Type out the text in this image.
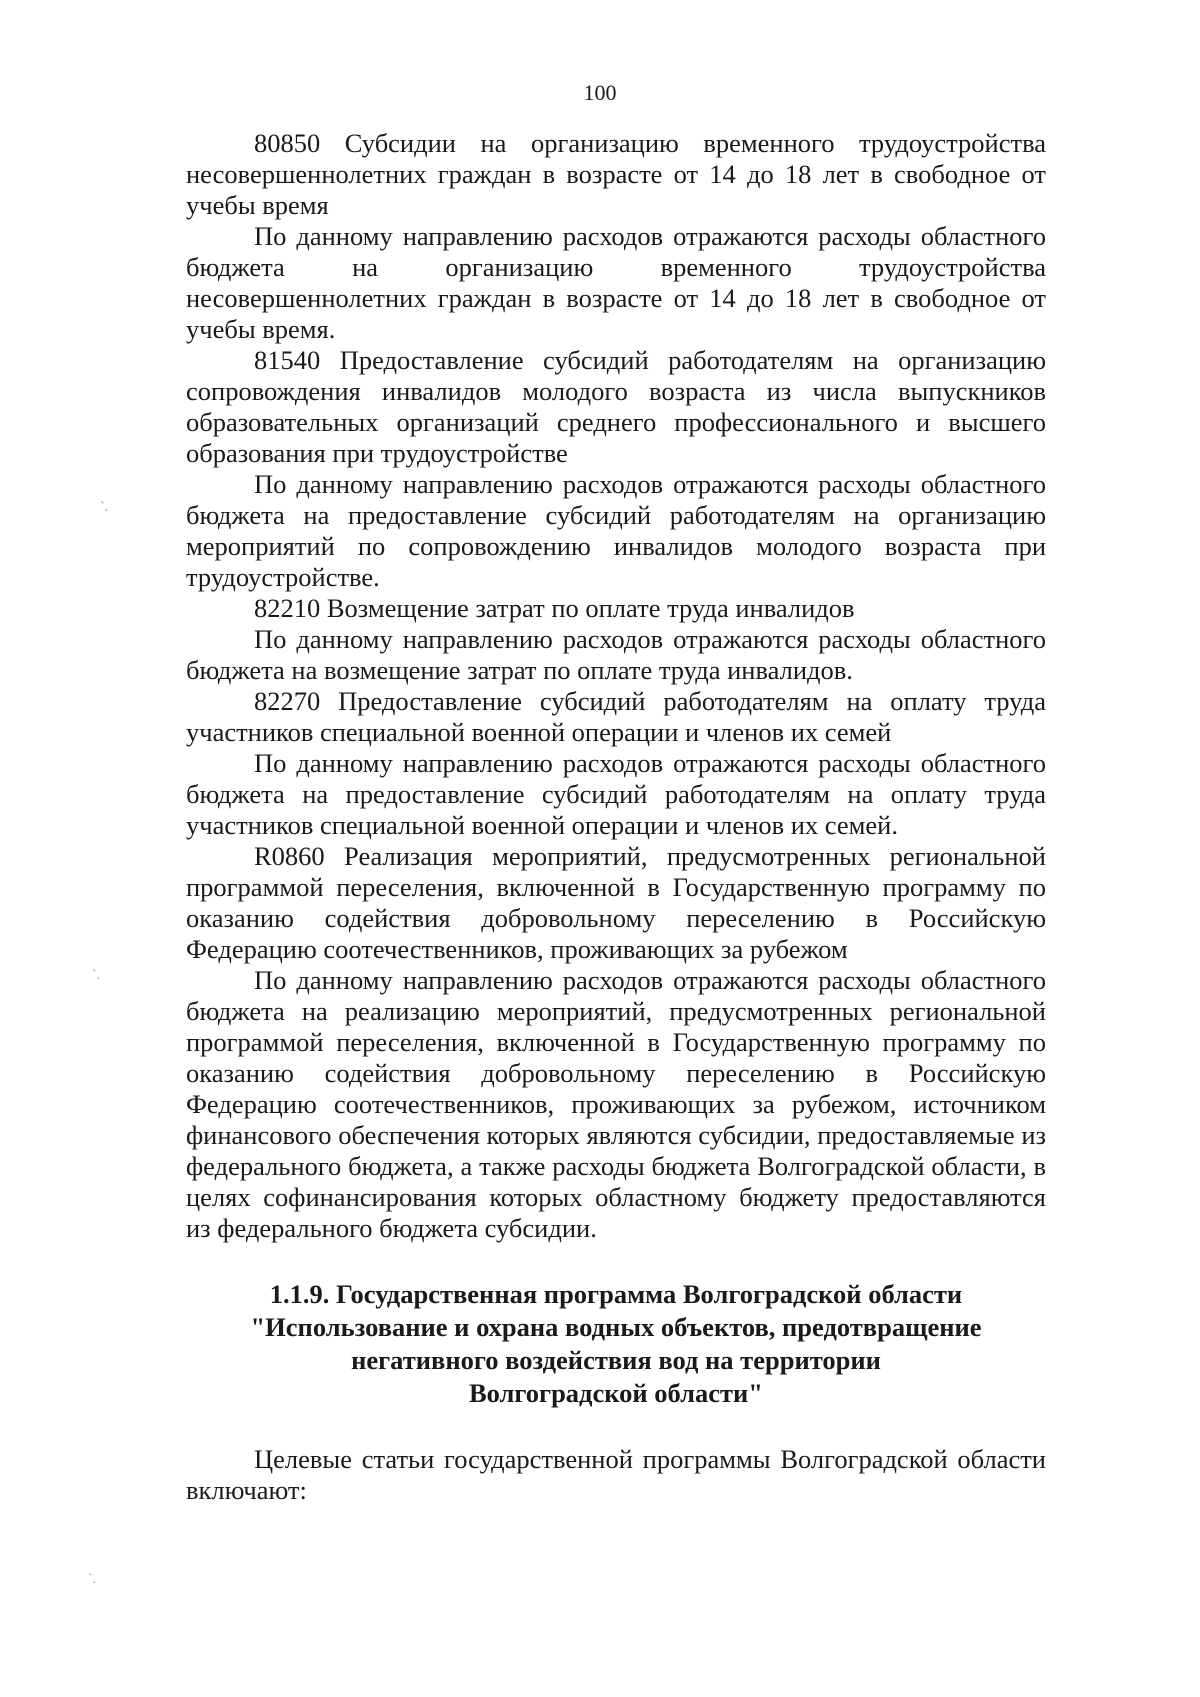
100

80850 Субсидии на организацию временного трудоустройства несовершеннолетних граждан в возрасте от 14 до 18 лет в свободное от учебы время

По данному направлению расходов отражаются расходы областного бюджета на организацию временного трудоустройства несовершеннолетних граждан в возрасте от 14 до 18 лет в свободное от учебы время.

81540 Предоставление субсидий работодателям на организацию сопровождения инвалидов молодого возраста из числа выпускников образовательных организаций среднего профессионального и высшего образования при трудоустройстве

По данному направлению расходов отражаются расходы областного бюджета на предоставление субсидий работодателям на организацию мероприятий по сопровождению инвалидов молодого возраста при трудоустройстве.

82210 Возмещение затрат по оплате труда инвалидов

По данному направлению расходов отражаются расходы областного бюджета на возмещение затрат по оплате труда инвалидов.

82270 Предоставление субсидий работодателям на оплату труда участников специальной военной операции и членов их семей

По данному направлению расходов отражаются расходы областного бюджета на предоставление субсидий работодателям на оплату труда участников специальной военной операции и членов их семей.

R0860 Реализация мероприятий, предусмотренных региональной программой переселения, включенной в Государственную программу по оказанию содействия добровольному переселению в Российскую Федерацию соотечественников, проживающих за рубежом

По данному направлению расходов отражаются расходы областного бюджета на реализацию мероприятий, предусмотренных региональной программой переселения, включенной в Государственную программу по оказанию содействия добровольному переселению в Российскую Федерацию соотечественников, проживающих за рубежом, источником финансового обеспечения которых являются субсидии, предоставляемые из федерального бюджета, а также расходы бюджета Волгоградской области, в целях софинансирования которых областному бюджету предоставляются из федерального бюджета субсидии.

1.1.9. Государственная программа Волгоградской области
"Использование и охрана водных объектов, предотвращение
негативного воздействия вод на территории
Волгоградской области"

Целевые статьи государственной программы Волгоградской области включают:

ˋ.
ˋ.
ˋ.
